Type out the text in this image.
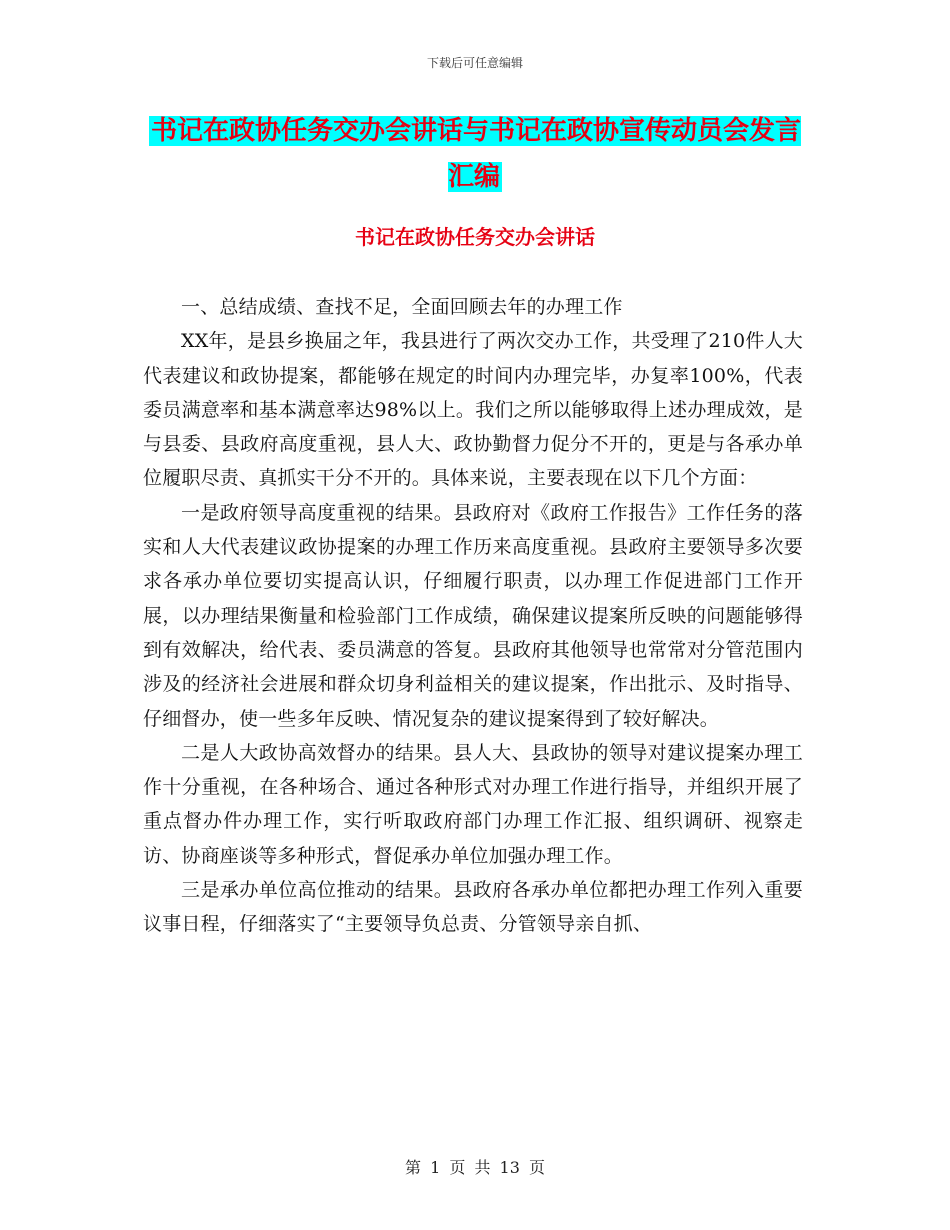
下载后可任意编辑
书记在政协任务交办会讲话与书记在政协宣传动员会发言汇编
书记在政协任务交办会讲话

一、总结成绩、查找不足，全面回顾去年的办理工作

XX年，是县乡换届之年，我县进行了两次交办工作，共受理了210件人大代表建议和政协提案，都能够在规定的时间内办理完毕，办复率100%，代表委员满意率和基本满意率达98%以上。我们之所以能够取得上述办理成效，是与县委、县政府高度重视，县人大、政协勤督力促分不开的，更是与各承办单位履职尽责、真抓实干分不开的。具体来说，主要表现在以下几个方面：

一是政府领导高度重视的结果。县政府对《政府工作报告》工作任务的落实和人大代表建议政协提案的办理工作历来高度重视。县政府主要领导多次要求各承办单位要切实提高认识，仔细履行职责，以办理工作促进部门工作开展，以办理结果衡量和检验部门工作成绩，确保建议提案所反映的问题能够得到有效解决，给代表、委员满意的答复。县政府其他领导也常常对分管范围内涉及的经济社会进展和群众切身利益相关的建议提案，作出批示、及时指导、仔细督办，使一些多年反映、情况复杂的建议提案得到了较好解决。

二是人大政协高效督办的结果。县人大、县政协的领导对建议提案办理工作十分重视，在各种场合、通过各种形式对办理工作进行指导，并组织开展了重点督办件办理工作，实行听取政府部门办理工作汇报、组织调研、视察走访、协商座谈等多种形式，督促承办单位加强办理工作。

三是承办单位高位推动的结果。县政府各承办单位都把办理工作列入重要议事日程，仔细落实了“主要领导负总责、分管领导亲自抓、

第 1 页 共 13 页
